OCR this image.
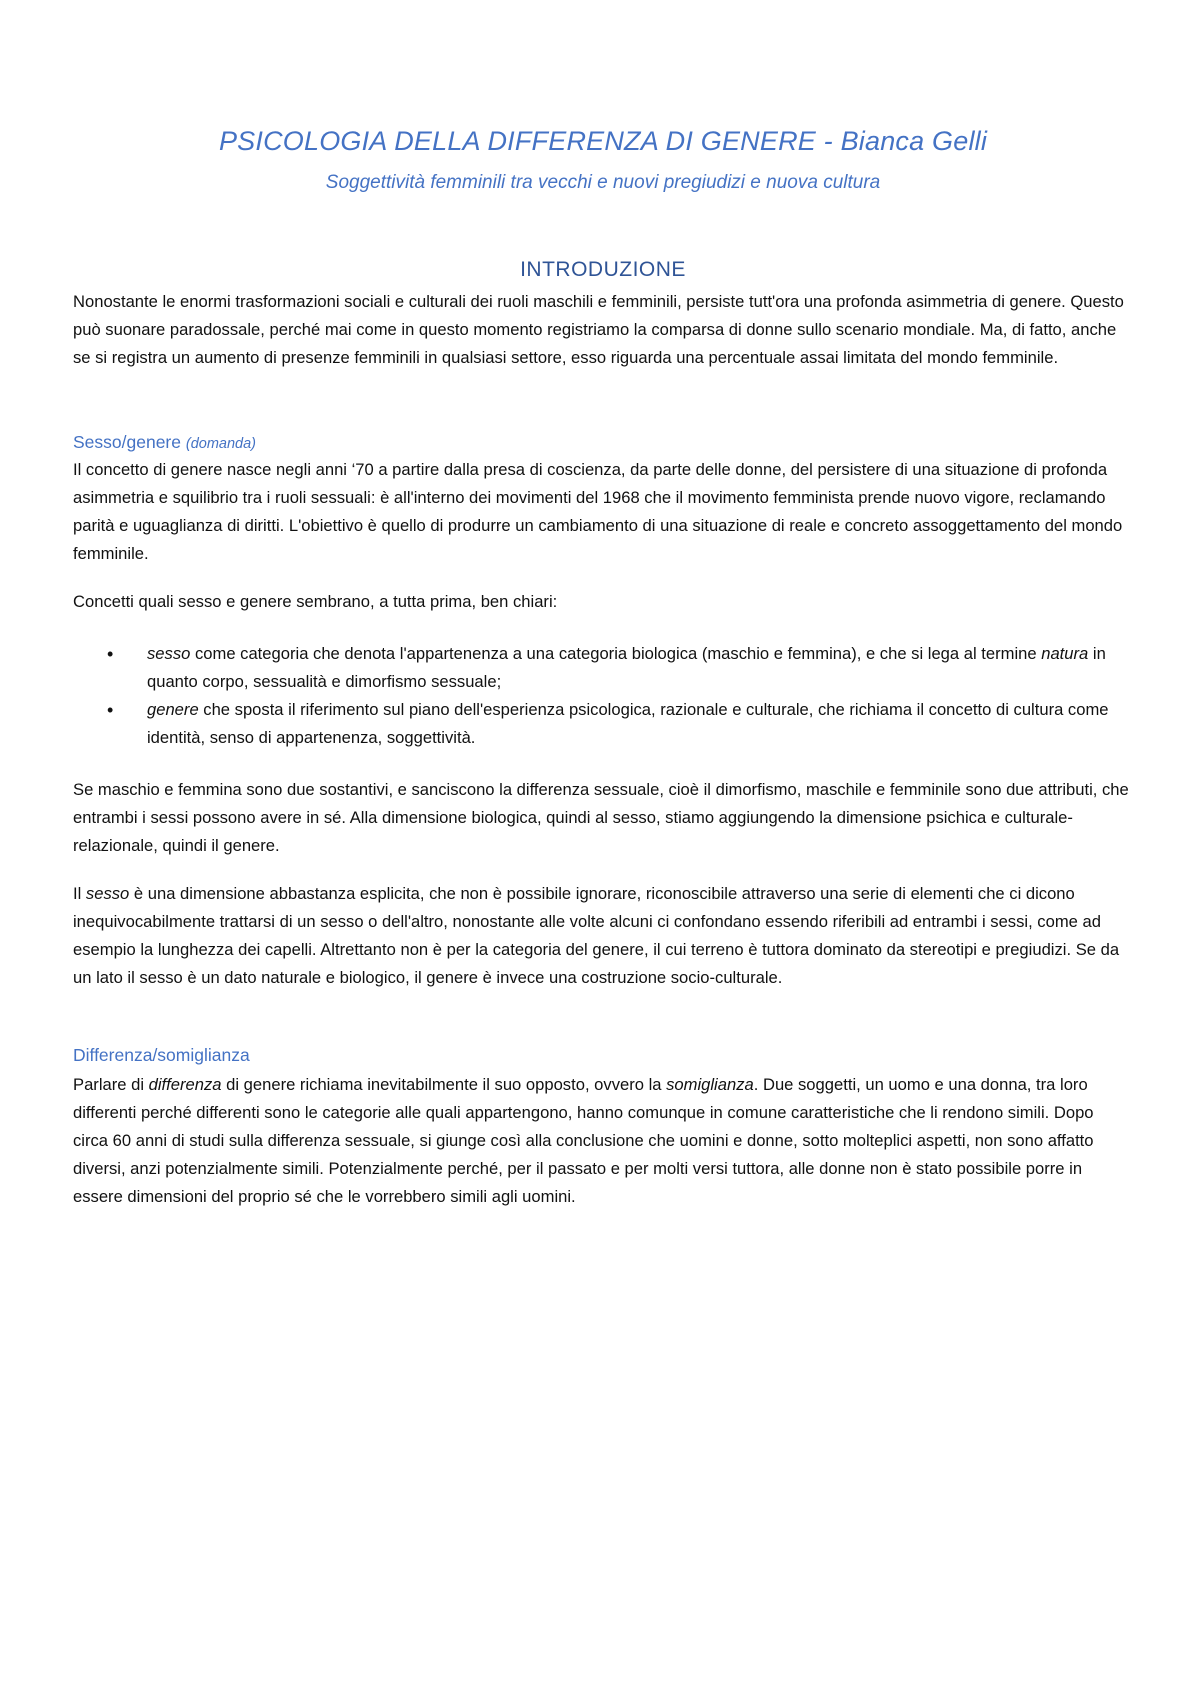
PSICOLOGIA DELLA DIFFERENZA DI GENERE - Bianca Gelli

Soggettività femminili tra vecchi e nuovi pregiudizi e nuova cultura

INTRODUZIONE

Nonostante le enormi trasformazioni sociali e culturali dei ruoli maschili e femminili, persiste tutt'ora una profonda asimmetria di genere. Questo può suonare paradossale, perché mai come in questo momento registriamo la comparsa di donne sullo scenario mondiale. Ma, di fatto, anche se si registra un aumento di presenze femminili in qualsiasi settore, esso riguarda una percentuale assai limitata del mondo femminile.

Sesso/genere (domanda)

Il concetto di genere nasce negli anni ‘70 a partire dalla presa di coscienza, da parte delle donne, del persistere di una situazione di profonda asimmetria e squilibrio tra i ruoli sessuali: è all'interno dei movimenti del 1968 che il movimento femminista prende nuovo vigore, reclamando parità e uguaglianza di diritti. L'obiettivo è quello di produrre un cambiamento di una situazione di reale e concreto assoggettamento del mondo femminile.

Concetti quali sesso e genere sembrano, a tutta prima, ben chiari:

• sesso come categoria che denota l'appartenenza a una categoria biologica (maschio e femmina), e che si lega al termine natura in quanto corpo, sessualità e dimorfismo sessuale;
• genere che sposta il riferimento sul piano dell'esperienza psicologica, razionale e culturale, che richiama il concetto di cultura come identità, senso di appartenenza, soggettività.

Se maschio e femmina sono due sostantivi, e sanciscono la differenza sessuale, cioè il dimorfismo, maschile e femminile sono due attributi, che entrambi i sessi possono avere in sé. Alla dimensione biologica, quindi al sesso, stiamo aggiungendo la dimensione psichica e culturale-relazionale, quindi il genere.

Il sesso è una dimensione abbastanza esplicita, che non è possibile ignorare, riconoscibile attraverso una serie di elementi che ci dicono inequivocabilmente trattarsi di un sesso o dell'altro, nonostante alle volte alcuni ci confondano essendo riferibili ad entrambi i sessi, come ad esempio la lunghezza dei capelli. Altrettanto non è per la categoria del genere, il cui terreno è tuttora dominato da stereotipi e pregiudizi. Se da un lato il sesso è un dato naturale e biologico, il genere è invece una costruzione socio-culturale.

Differenza/somiglianza

Parlare di differenza di genere richiama inevitabilmente il suo opposto, ovvero la somiglianza. Due soggetti, un uomo e una donna, tra loro differenti perché differenti sono le categorie alle quali appartengono, hanno comunque in comune caratteristiche che li rendono simili. Dopo circa 60 anni di studi sulla differenza sessuale, si giunge così alla conclusione che uomini e donne, sotto molteplici aspetti, non sono affatto diversi, anzi potenzialmente simili. Potenzialmente perché, per il passato e per molti versi tuttora, alle donne non è stato possibile porre in essere dimensioni del proprio sé che le vorrebbero simili agli uomini.
